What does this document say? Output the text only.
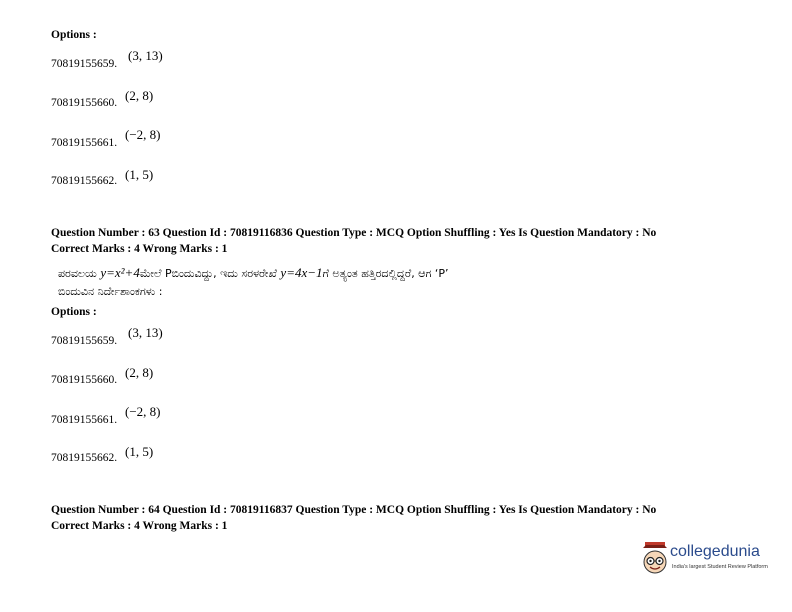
Options :
70819155659.
(3, 13)
70819155660. (2, 8)
70819155661.
(−2, 8)
70819155662. (1, 5)
Question Number : 63 Question Id : 70819116836 Question Type : MCQ Option Shuffling : Yes Is Question Mandatory : No
Correct Marks : 4 Wrong Marks : 1
ಪರವಲಯ y=x²+4ಮೇಲೆ Pಬಿಂದುವಿದ್ದು, ಇದು ಸರಳರೇಖೆ y=4x−1ಗೆ ಅತ್ಯಂತ ಹತ್ತಿರದಲ್ಲಿದ್ದರೆ, ಆಗ ‘P’
ಬಿಂದುವಿನ ನಿರ್ದೇಶಾಂಕಗಳು :
Options :
70819155659.
(3, 13)
70819155660. (2, 8)
70819155661.
(−2, 8)
70819155662. (1, 5)
Question Number : 64 Question Id : 70819116837 Question Type : MCQ Option Shuffling : Yes Is Question Mandatory : No
Correct Marks : 4 Wrong Marks : 1
collegedunia
India's largest Student Review Platform
